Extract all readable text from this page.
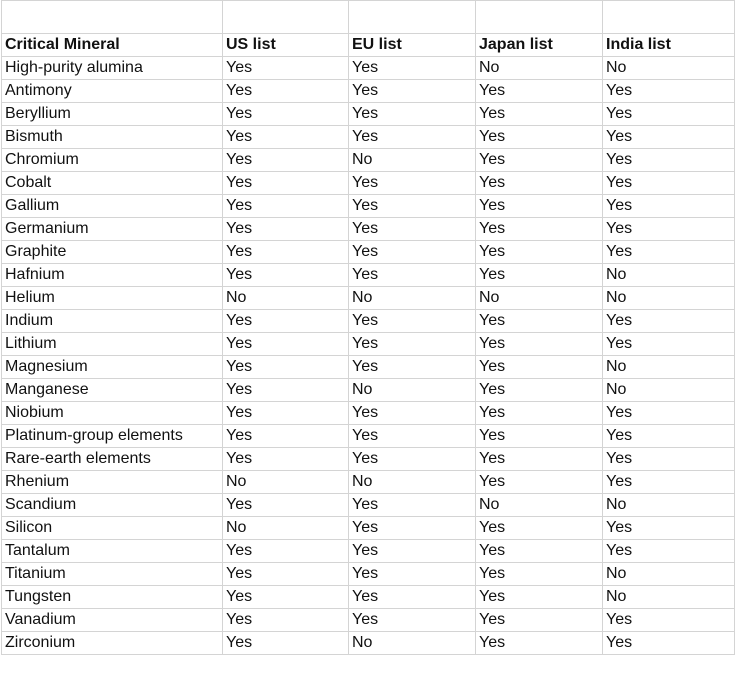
Critical Mineral	US list	EU list	Japan list	India list
High-purity alumina	Yes	Yes	No	No
Antimony	Yes	Yes	Yes	Yes
Beryllium	Yes	Yes	Yes	Yes
Bismuth	Yes	Yes	Yes	Yes
Chromium	Yes	No	Yes	Yes
Cobalt	Yes	Yes	Yes	Yes
Gallium	Yes	Yes	Yes	Yes
Germanium	Yes	Yes	Yes	Yes
Graphite	Yes	Yes	Yes	Yes
Hafnium	Yes	Yes	Yes	No
Helium	No	No	No	No
Indium	Yes	Yes	Yes	Yes
Lithium	Yes	Yes	Yes	Yes
Magnesium	Yes	Yes	Yes	No
Manganese	Yes	No	Yes	No
Niobium	Yes	Yes	Yes	Yes
Platinum-group elements	Yes	Yes	Yes	Yes
Rare-earth elements	Yes	Yes	Yes	Yes
Rhenium	No	No	Yes	Yes
Scandium	Yes	Yes	No	No
Silicon	No	Yes	Yes	Yes
Tantalum	Yes	Yes	Yes	Yes
Titanium	Yes	Yes	Yes	No
Tungsten	Yes	Yes	Yes	No
Vanadium	Yes	Yes	Yes	Yes
Zirconium	Yes	No	Yes	Yes
